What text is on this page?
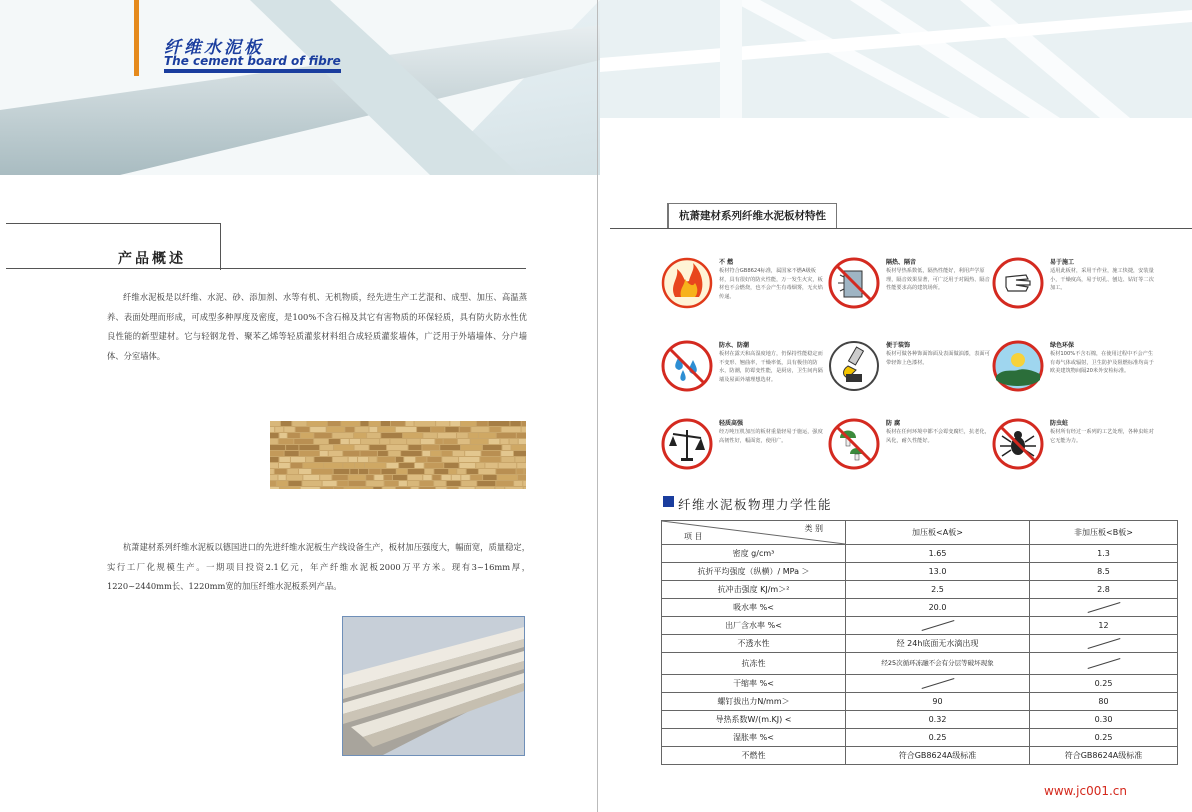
纤维水泥板
The cement board of fibre
产品概述
纤维水泥板是以纤维、水泥、砂、添加剂、水等有机、无机物质，经先进生产工艺混和、成型、加压、高温蒸养、表面处理而形成，可成型多种厚度及密度，是100%不含石棉及其它有害物质的环保轻质，具有防火防水性优良性能的新型建材。它与轻钢龙骨、聚苯乙烯等轻质灌浆材料组合成轻质灌浆墙体，广泛用于外墙墙体、分户墙体、分室墙体。
杭萧建材系列纤维水泥板以德国进口的先进纤维水泥板生产线设备生产，板材加压强度大，幅面宽，质量稳定，实行工厂化规模生产。一期项目投资2.1亿元，年产纤维水泥板2000万平方米。现有3~16mm厚，1220~2440mm长、1220mm宽的加压纤维水泥板系列产品。
杭萧建材系列纤维水泥板材特性
不 燃
板材符合GB8624标准，属国家不燃A级板材，具有很好的防火性能，万一发生火灾，板材也不会燃烧，也不会产生有毒烟雾，无火焰传递。
隔热、隔音
板材导热系数低，隔热性能好，利用声学原理，隔音效果显著，可广泛用于对隔热、隔音性能要求高的建筑场所。
易于施工
适用此板材，采用干作业，施工快捷，安装量小，干燥度高，易于切孔、刨边、钻钉等二次加工。
防水、防潮
板材在露天和高湿度地方，仍保持性能稳定而不变形、翘曲率，干燥率低，具有极佳的防水，防潮，防霉变性能，是厨房，卫生间内隔墙及屋面外墙理想选材。
便于装饰
板材可做各种饰面饰面及表面做油漆，表面可带轻饰上色漆材。
绿色环保
板材100%不含石棉，在使用过程中不会产生有毒气体或辐射，卫生防护及阻燃标准均高于欧美建筑物间隔20米外安检标准。
轻质高强
经万吨压机加压的板材重量轻易于施运，强度高韧性好，幅面宽，使用广。
防 腐
板材在任何环境中都不会霉变腐烂，抗老化，风化，耐久性能好。
防虫蛀
板材所有经过一系列的工艺处理，各种虫蛀对它无能为力。
纤维水泥板物理力学性能
类 别
项 目	加压板<A板>	非加压板<B板>
密度 g/cm³	1.65	1.3
抗折平均强度（纵横）/ MPa ＞	13.0	8.5
抗冲击强度 KJ/m＞²	2.5	2.8
吸水率 %<	20.0	
出厂含水率 %<		12
不透水性	经 24h底面无水滴出现	
抗冻性	经25次循环冻融不会有分层等破坏现象	
干缩率 %<		0.25
螺钉拔出力N/mm＞	90	80
导热系数W/(m.KJ) <	0.32	0.30
湿胀率 %<	0.25	0.25
不燃性	符合GB8624A级标准	符合GB8624A级标准
www.jc001.cn
